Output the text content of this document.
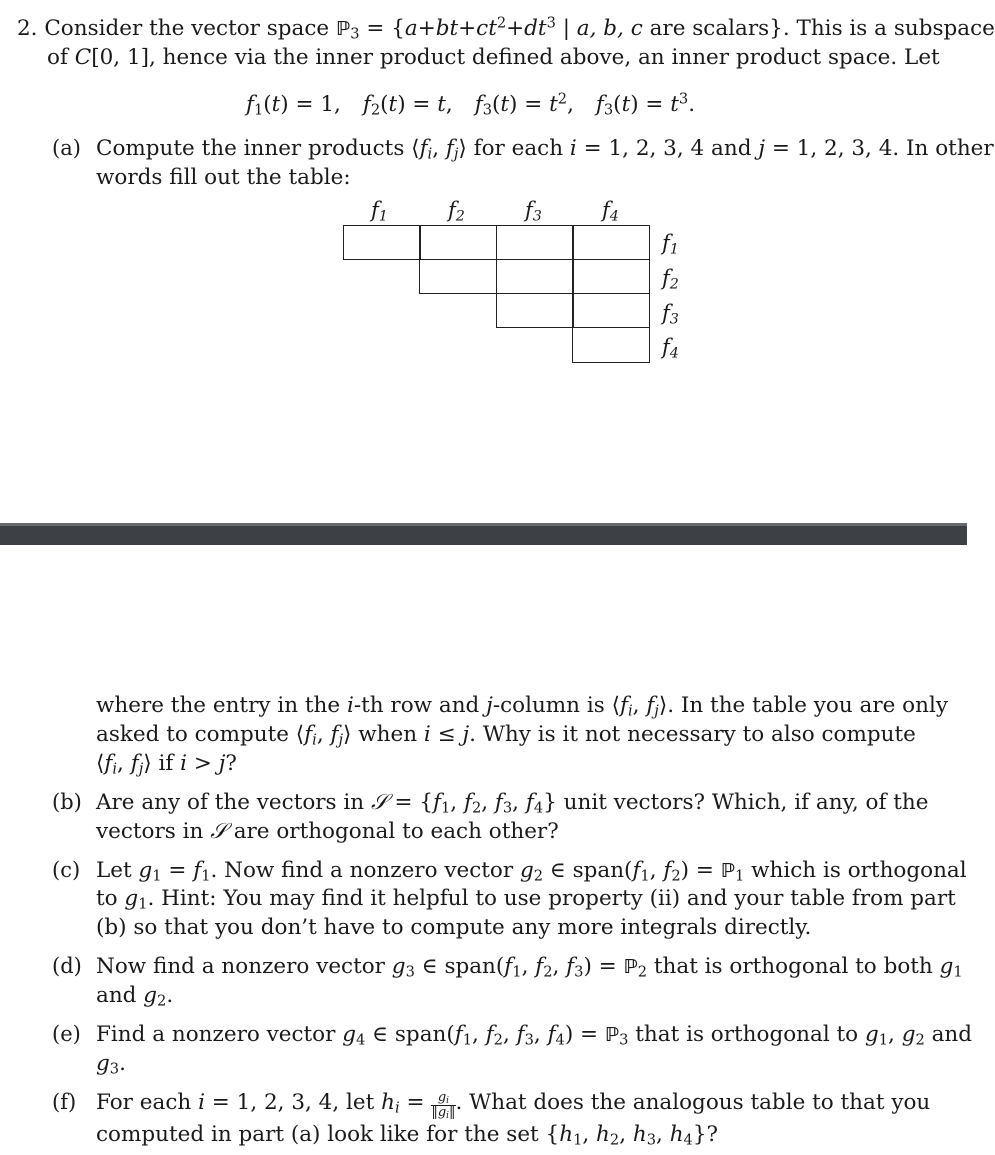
2. Consider the vector space ℙ$_3$ = {$a+bt+ct^2+dt^3$ | a, b, c are scalars}. This is a subspace
of C[0, 1], hence via the inner product defined above, an inner product space. Let
$f_1(t) = 1$, $f_2(t) = t$, $f_3(t) = t^2$, $f_3(t) = t^3$.
(a) Compute the inner products $⟨f_i$, $f_j⟩$ for each i = 1, 2, 3, 4 and j = 1, 2, 3, 4. In other
words fill out the table:
$f_1$	$f_2$	$f_3$	$f_4$
$f_1$
$f_2$
$f_3$
$f_4$
where the entry in the i-th row and j-column is $⟨f_i$, $f_j⟩$. In the table you are only
asked to compute $⟨f_i$, $f_j⟩$ when i ≤ j. Why is it not necessary to also compute
$⟨f_i$, $f_j⟩$ if i > j?
(b) Are any of the vectors in 𝒮 = {$f_1$, $f_2$, $f_3$, $f_4$} unit vectors? Which, if any, of the
vectors in 𝒮 are orthogonal to each other?
(c) Let $g_1 = f_1$. Now find a nonzero vector $g_2$ ∈ $span(f_1$, $f_2$) = ℙ$_1$ which is orthogonal
to $g_1$. Hint: You may find it helpful to use property (ii) and your table from part
(b) so that you don’t have to compute any more integrals directly.
(d) Now find a nonzero vector $g_3$ ∈ $span(f_1$, $f_2$, $f_3$) = ℙ$_2$ that is orthogonal to both $g_1$
and $g_2$.
(e) Find a nonzero vector $g_4$ ∈ $span(f_1$, $f_2$, $f_3$, $f_4$) = ℙ$_3$ that is orthogonal to $g_1$, $g_2$ and
$g_3$.
(f) For each i = 1, 2, 3, 4, let $h_i = \frac{g_i}{‖g_i‖}$ . What does the analogous table to that you
computed in part (a) look like for the set {$h_1$, $h_2$, $h_3$, $h_4$}?
